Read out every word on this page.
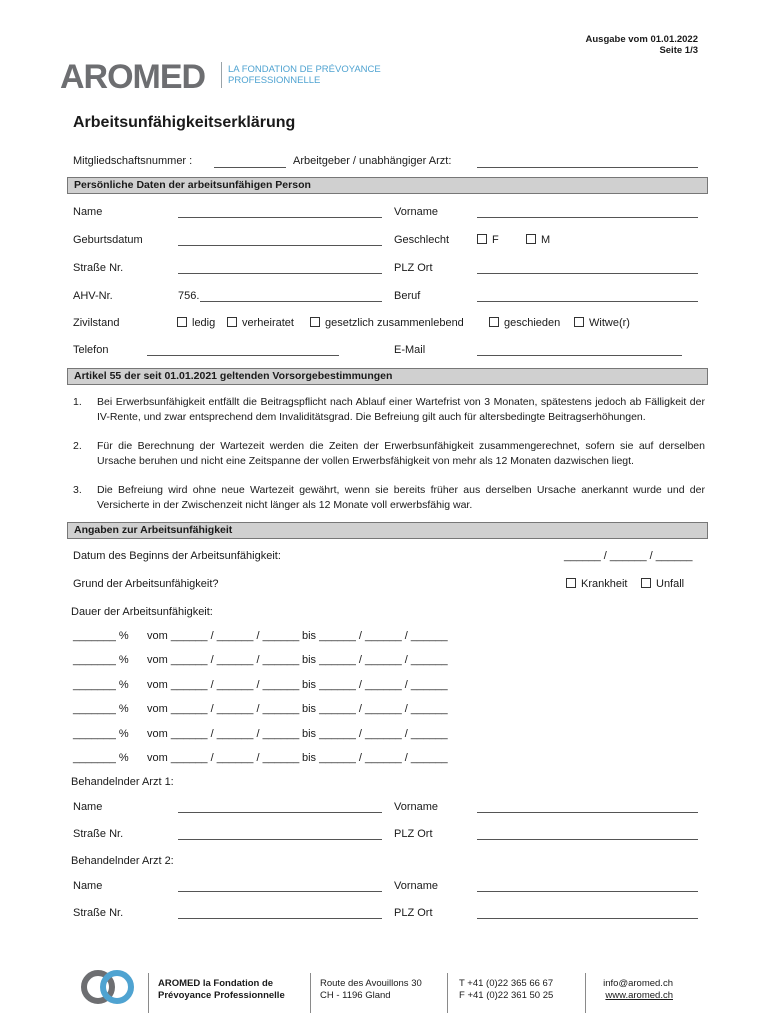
Ausgabe vom 01.01.2022
Seite 1/3
AROMED LA FONDATION DE PRÉVOYANCE
PROFESSIONNELLE
Arbeitsunfähigkeitserklärung
Mitgliedschaftsnummer :	Arbeitgeber / unabhängiger Arzt:
Persönliche Daten der arbeitsunfähigen Person
Name	Vorname
Geburtsdatum	Geschlecht	F	M
Straße Nr.	PLZ Ort
AHV-Nr.	756.	Beruf
Zivilstand	ledig	verheiratet	gesetzlich zusammenlebend	geschieden	Witwe(r)
Telefon	E-Mail
Artikel 55 der seit 01.01.2021 geltenden Vorsorgebestimmungen
1. Bei Erwerbsunfähigkeit entfällt die Beitragspflicht nach Ablauf einer Wartefrist von 3 Monaten, spätestens jedoch ab Fälligkeit der IV-Rente, und zwar entsprechend dem Invaliditätsgrad. Die Befreiung gilt auch für altersbedingte Beitragserhöhungen.
2. Für die Berechnung der Wartezeit werden die Zeiten der Erwerbsunfähigkeit zusammengerechnet, sofern sie auf derselben Ursache beruhen und nicht eine Zeitspanne der vollen Erwerbsfähigkeit von mehr als 12 Monaten dazwischen liegt.
3. Die Befreiung wird ohne neue Wartezeit gewährt, wenn sie bereits früher aus derselben Ursache anerkannt wurde und der Versicherte in der Zwischenzeit nicht länger als 12 Monate voll erwerbsfähig war.
Angaben zur Arbeitsunfähigkeit
Datum des Beginns der Arbeitsunfähigkeit:	______ / ______ / ______
Grund der Arbeitsunfähigkeit?	Krankheit	Unfall
Dauer der Arbeitsunfähigkeit:
_______ % vom ______ / ______ / ______ bis ______ / ______ / ______
_______ % vom ______ / ______ / ______ bis ______ / ______ / ______
_______ % vom ______ / ______ / ______ bis ______ / ______ / ______
_______ % vom ______ / ______ / ______ bis ______ / ______ / ______
_______ % vom ______ / ______ / ______ bis ______ / ______ / ______
_______ % vom ______ / ______ / ______ bis ______ / ______ / ______
Behandelnder Arzt 1:
Name	Vorname
Straße Nr.	PLZ Ort
Behandelnder Arzt 2:
Name	Vorname
Straße Nr.	PLZ Ort
AROMED la Fondation de
Prévoyance Professionnelle
Route des Avouillons 30
CH - 1196 Gland
T +41 (0)22 365 66 67
F +41 (0)22 361 50 25
info@aromed.ch
www.aromed.ch
